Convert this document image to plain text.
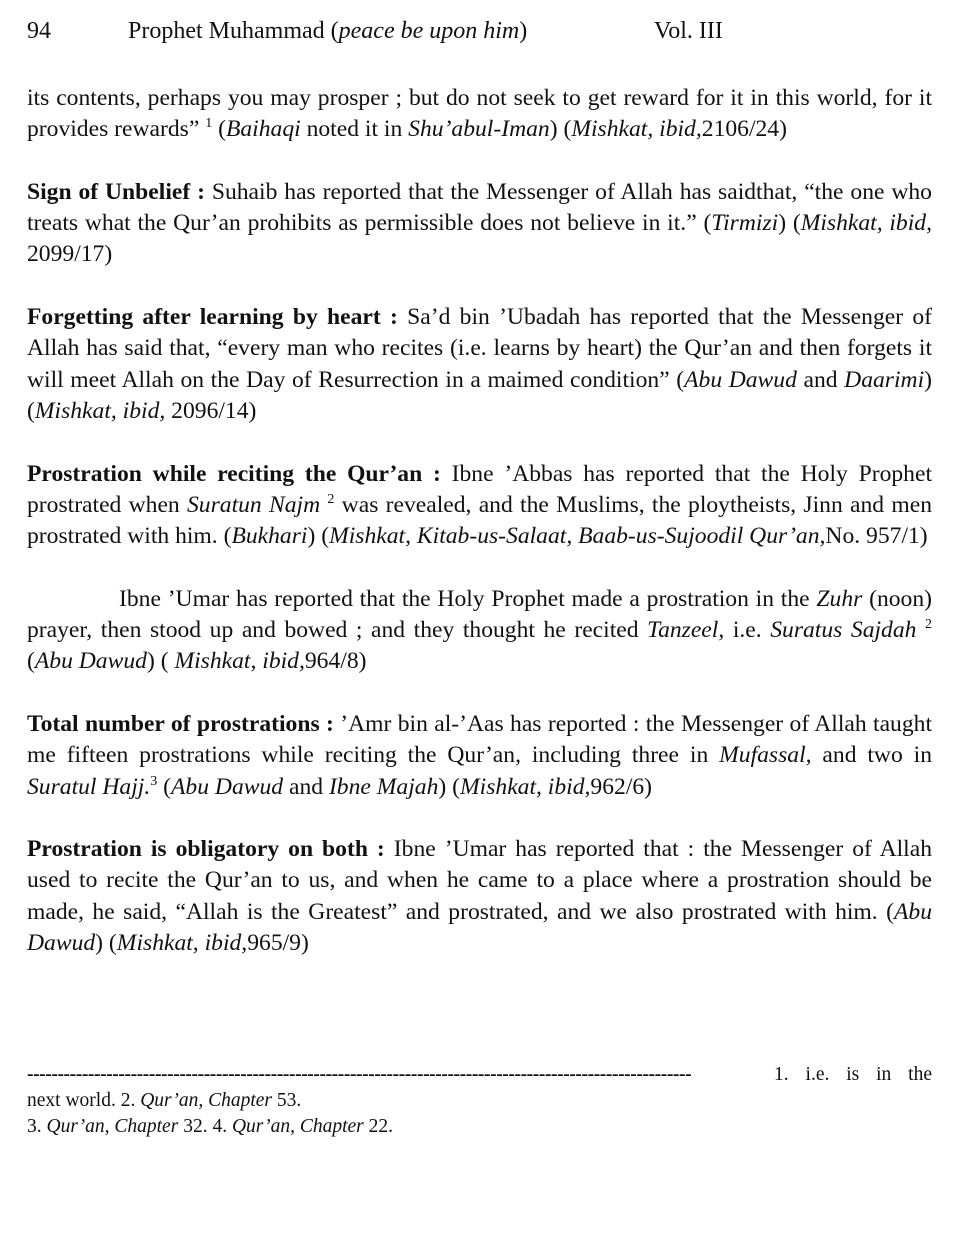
94	Prophet Muhammad (peace be upon him)	Vol. III

its contents, perhaps you may prosper ; but do not seek to get reward for it in this world, for it provides rewards” $^1$ (Baihaqi noted it in Shu’abul-Iman) (Mishkat, ibid,2106/24)

Sign of Unbelief : Suhaib has reported that the Messenger of Allah has saidthat, “the one who treats what the Qur’an prohibits as permissible does not believe in it.” (Tirmizi) (Mishkat, ibid, 2099/17)

Forgetting after learning by heart : Sa’d bin ’Ubadah has reported that the Messenger of Allah has said that, “every man who recites (i.e. learns by heart) the Qur’an and then forgets it will meet Allah on the Day of Resurrection in a maimed condition” (Abu Dawud and Daarimi) (Mishkat, ibid, 2096/14)

Prostration while reciting the Qur’an : Ibne ’Abbas has reported that the Holy Prophet prostrated when Suratun Najm $^2$ was revealed, and the Muslims, the ploytheists, Jinn and men prostrated with him. (Bukhari) (Mishkat, Kitab-us-Salaat, Baab-us-Sujoodil Qur’an,No. 957/1)

Ibne ’Umar has reported that the Holy Prophet made a prostration in the Zuhr (noon) prayer, then stood up and bowed ; and they thought he recited Tanzeel, i.e. Suratus Sajdah $^2$ (Abu Dawud) ( Mishkat, ibid,964/8)

Total number of prostrations : ’Amr bin al-’Aas has reported : the Messenger of Allah taught me fifteen prostrations while reciting the Qur’an, including three in Mufassal, and two in Suratul Hajj.$^3$ (Abu Dawud and Ibne Majah) (Mishkat, ibid,962/6)

Prostration is obligatory on both : Ibne ’Umar has reported that : the Messenger of Allah used to recite the Qur’an to us, and when he came to a place where a prostration should be made, he said, “Allah is the Greatest” and prostrated, and we also prostrated with him. (Abu Dawud) (Mishkat, ibid,965/9)

-------------------------------------------------------------------------------------------------------------	1. i.e. is in the
next world. 2. Qur’an, Chapter 53.
3. Qur’an, Chapter 32. 4. Qur’an, Chapter 22.
